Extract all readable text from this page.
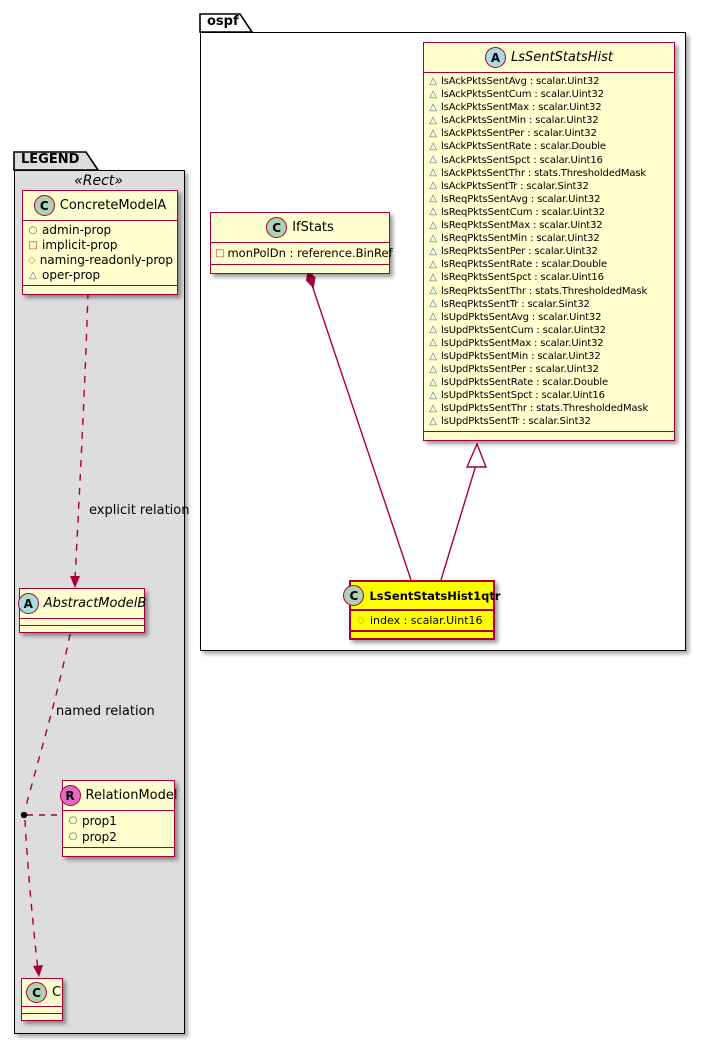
ospf
LEGEND
«Rect»
A LsSentStatsHist
△
lsAckPktsSentAvg : scalar.Uint32
△
lsAckPktsSentCum : scalar.Uint32
△
lsAckPktsSentMax : scalar.Uint32
△
lsAckPktsSentMin : scalar.Uint32
△
lsAckPktsSentPer : scalar.Uint32
△
lsAckPktsSentRate : scalar.Double
△
lsAckPktsSentSpct : scalar.Uint16
△
lsAckPktsSentThr : stats.ThresholdedMask
△
lsAckPktsSentTr : scalar.Sint32
△
lsReqPktsSentAvg : scalar.Uint32
△
lsReqPktsSentCum : scalar.Uint32
△
lsReqPktsSentMax : scalar.Uint32
△
lsReqPktsSentMin : scalar.Uint32
△
lsReqPktsSentPer : scalar.Uint32
△
lsReqPktsSentRate : scalar.Double
△
lsReqPktsSentSpct : scalar.Uint16
△
lsReqPktsSentThr : stats.ThresholdedMask
△
lsReqPktsSentTr : scalar.Sint32
△
lsUpdPktsSentAvg : scalar.Uint32
△
lsUpdPktsSentCum : scalar.Uint32
△
lsUpdPktsSentMax : scalar.Uint32
△
lsUpdPktsSentMin : scalar.Uint32
△
lsUpdPktsSentPer : scalar.Uint32
△
lsUpdPktsSentRate : scalar.Double
△
lsUpdPktsSentSpct : scalar.Uint16
△
lsUpdPktsSentThr : stats.ThresholdedMask
△
lsUpdPktsSentTr : scalar.Sint32
C IfStats
□
monPolDn : reference.BinRef
C LsSentStatsHist1qtr
◇
index : scalar.Uint16
C ConcreteModelA
○
admin-prop
□
implicit-prop
◇
naming-readonly-prop
△
oper-prop
A AbstractModelB
R RelationModel
○
prop1
○
prop2
C C
explicit relation
named relation
